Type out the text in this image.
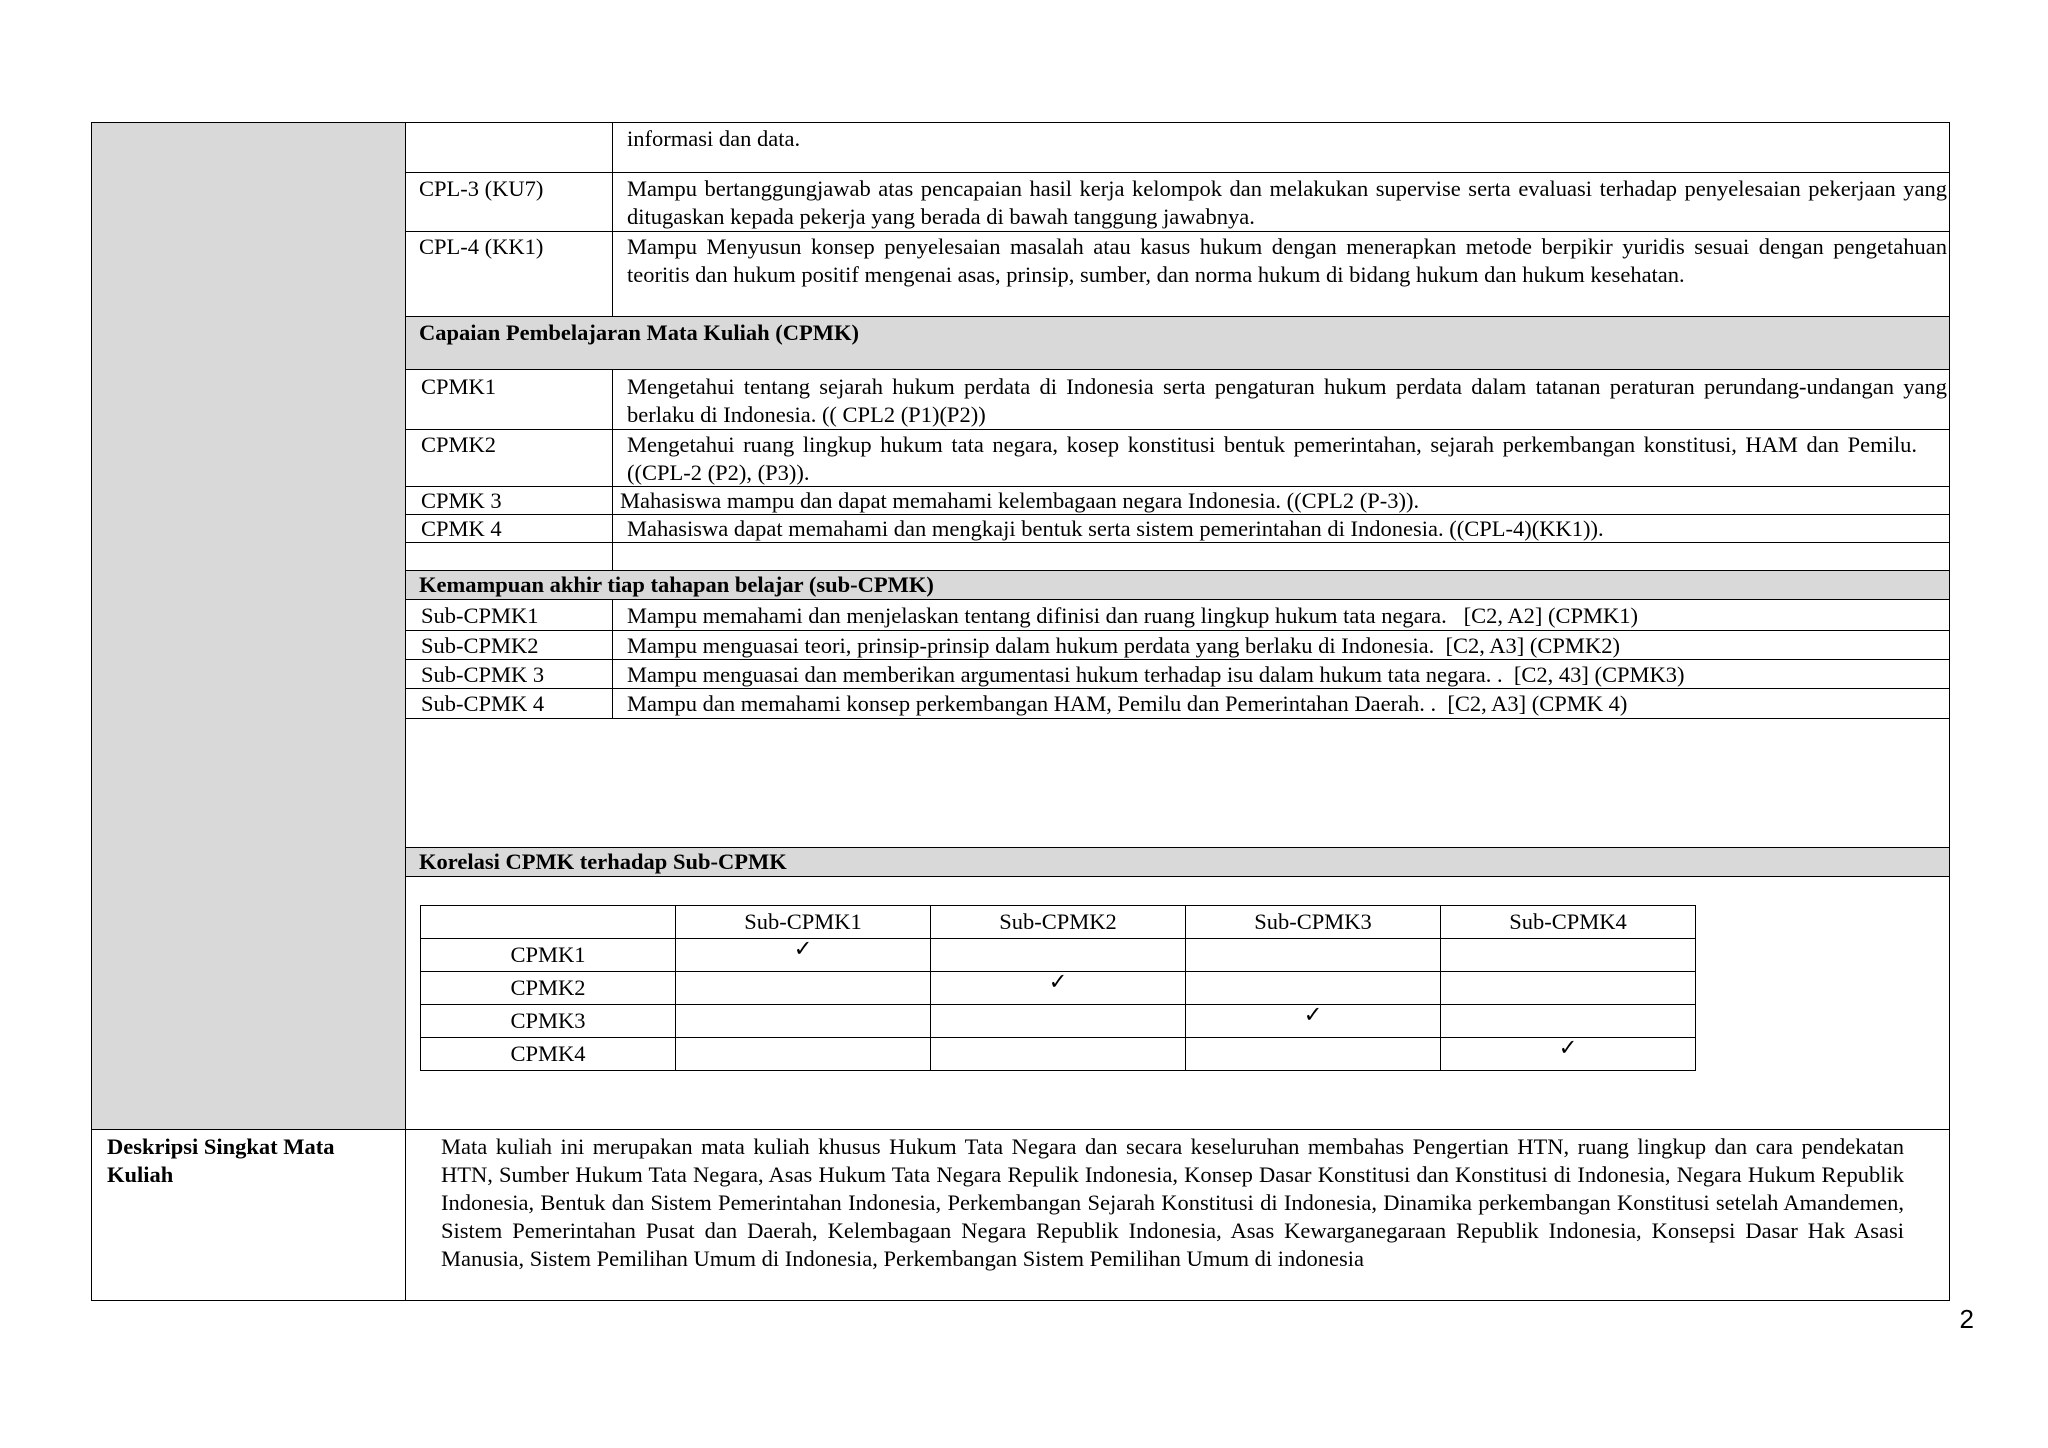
informasi dan data.
CPL-3 (KU7)	Mampu bertanggungjawab atas pencapaian hasil kerja kelompok dan melakukan supervise serta evaluasi terhadap penyelesaian pekerjaan yang ditugaskan kepada pekerja yang berada di bawah tanggung jawabnya.
CPL-4 (KK1)	Mampu Menyusun konsep penyelesaian masalah atau kasus hukum dengan menerapkan metode berpikir yuridis sesuai dengan pengetahuan teoritis dan hukum positif mengenai asas, prinsip, sumber, dan norma hukum di bidang hukum dan hukum kesehatan.
Capaian Pembelajaran Mata Kuliah (CPMK)
CPMK1	Mengetahui tentang sejarah hukum perdata di Indonesia serta pengaturan hukum perdata dalam tatanan peraturan perundang-undangan yang berlaku di Indonesia. (( CPL2 (P1)(P2))
CPMK2	Mengetahui ruang lingkup hukum tata negara, kosep konstitusi bentuk pemerintahan, sejarah perkembangan konstitusi, HAM dan Pemilu. ((CPL-2 (P2), (P3)).
CPMK 3	Mahasiswa mampu dan dapat memahami kelembagaan negara Indonesia. ((CPL2 (P-3)).
CPMK 4	Mahasiswa dapat memahami dan mengkaji bentuk serta sistem pemerintahan di Indonesia. ((CPL-4)(KK1)).
Kemampuan akhir tiap tahapan belajar (sub-CPMK)
Sub-CPMK1	Mampu memahami dan menjelaskan tentang difinisi dan ruang lingkup hukum tata negara.   [C2, A2] (CPMK1)
Sub-CPMK2	Mampu menguasai teori, prinsip-prinsip dalam hukum perdata yang berlaku di Indonesia.  [C2, A3] (CPMK2)
Sub-CPMK 3	Mampu menguasai dan memberikan argumentasi hukum terhadap isu dalam hukum tata negara. .  [C2, 43] (CPMK3)
Sub-CPMK 4	Mampu dan memahami konsep perkembangan HAM, Pemilu dan Pemerintahan Daerah. .  [C2, A3] (CPMK 4)
Korelasi CPMK terhadap Sub-CPMK
	Sub-CPMK1	Sub-CPMK2	Sub-CPMK3	Sub-CPMK4
CPMK1	✓			
CPMK2		✓		
CPMK3			✓	
CPMK4				✓
Deskripsi Singkat Mata Kuliah
Mata kuliah ini merupakan mata kuliah khusus Hukum Tata Negara dan secara keseluruhan membahas Pengertian HTN, ruang lingkup dan cara pendekatan HTN, Sumber Hukum Tata Negara, Asas Hukum Tata Negara Repulik Indonesia, Konsep Dasar Konstitusi dan Konstitusi di Indonesia, Negara Hukum Republik Indonesia, Bentuk dan Sistem Pemerintahan Indonesia, Perkembangan Sejarah Konstitusi di Indonesia, Dinamika perkembangan Konstitusi setelah Amandemen, Sistem Pemerintahan Pusat dan Daerah, Kelembagaan Negara Republik Indonesia, Asas Kewarganegaraan Republik Indonesia, Konsepsi Dasar Hak Asasi Manusia, Sistem Pemilihan Umum di Indonesia, Perkembangan Sistem Pemilihan Umum di indonesia
2
